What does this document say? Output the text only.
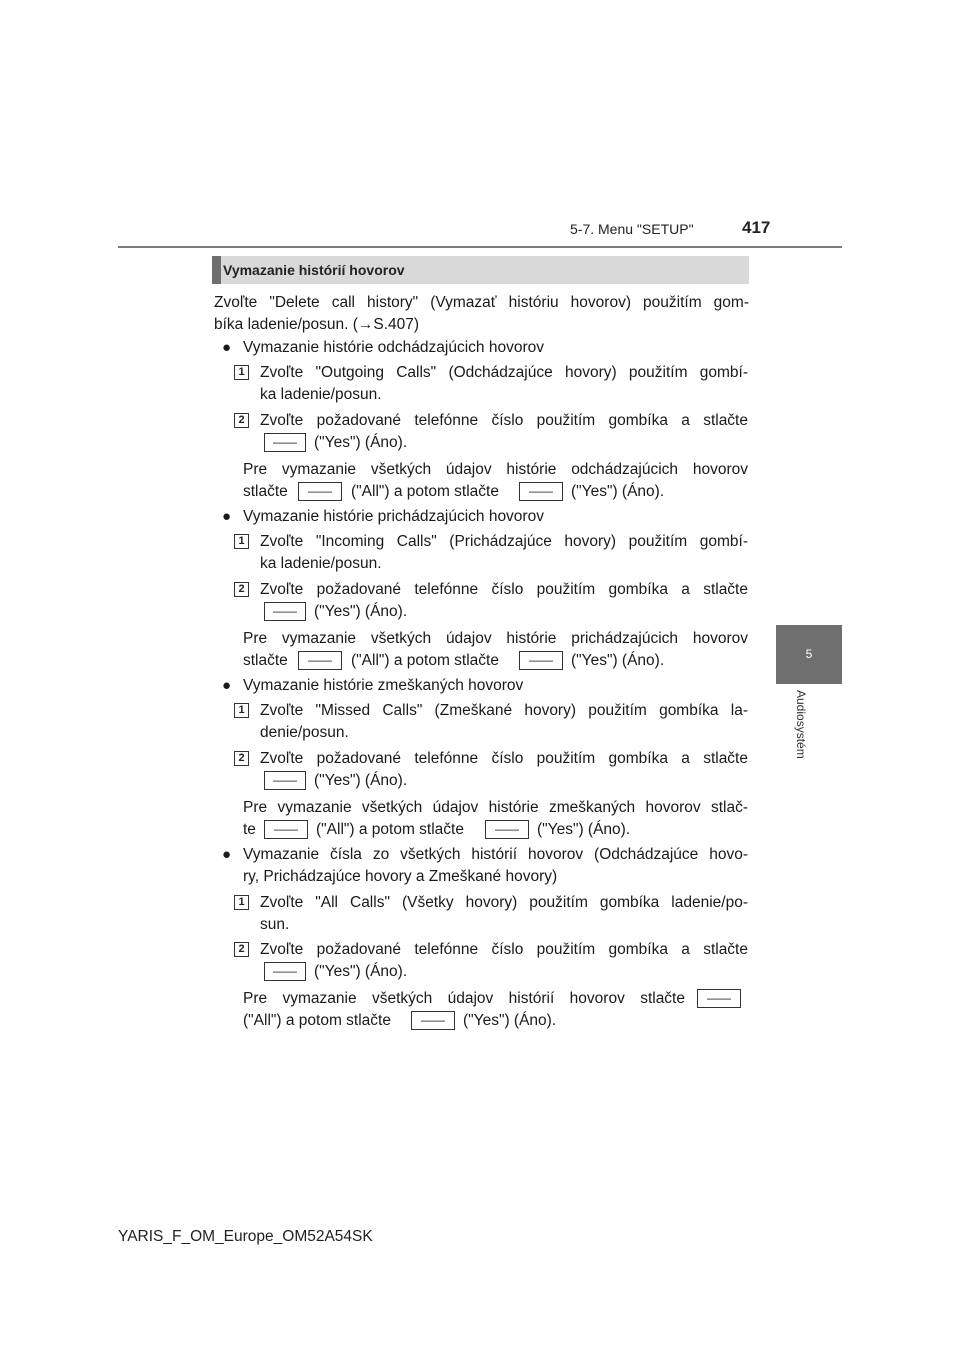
5-7. Menu "SETUP"	417
5
Audiosystém
Vymazanie histórií hovorov
Zvoľte "Delete call history" (Vymazať históriu hovorov) použitím gom-
bíka ladenie/posun. (→S.407)
● Vymazanie histórie odchádzajúcich hovorov
1 Zvoľte "Outgoing Calls" (Odchádzajúce hovory) použitím gombí-
ka ladenie/posun.
2 Zvoľte požadované telefónne číslo použitím gombíka a stlačte
——	("Yes") (Áno).
Pre vymazanie všetkých údajov histórie odchádzajúcich hovorov
stlačte	——	("All") a potom stlačte	——	("Yes") (Áno).
● Vymazanie histórie prichádzajúcich hovorov
1 Zvoľte "Incoming Calls" (Prichádzajúce hovory) použitím gombí-
ka ladenie/posun.
2 Zvoľte požadované telefónne číslo použitím gombíka a stlačte
——	("Yes") (Áno).
Pre vymazanie všetkých údajov histórie prichádzajúcich hovorov
stlačte	——	("All") a potom stlačte	——	("Yes") (Áno).
● Vymazanie histórie zmeškaných hovorov
1 Zvoľte "Missed Calls" (Zmeškané hovory) použitím gombíka la-
denie/posun.
2 Zvoľte požadované telefónne číslo použitím gombíka a stlačte
——	("Yes") (Áno).
Pre vymazanie všetkých údajov histórie zmeškaných hovorov stlač-
te	——	("All") a potom stlačte	——	("Yes") (Áno).
● Vymazanie čísla zo všetkých histórií hovorov (Odchádzajúce hovo-
ry, Prichádzajúce hovory a Zmeškané hovory)
1 Zvoľte "All Calls" (Všetky hovory) použitím gombíka ladenie/po-
sun.
2 Zvoľte požadované telefónne číslo použitím gombíka a stlačte
——	("Yes") (Áno).
Pre vymazanie všetkých údajov histórií hovorov stlačte	——
("All") a potom stlačte	——	("Yes") (Áno).
YARIS_F_OM_Europe_OM52A54SK
